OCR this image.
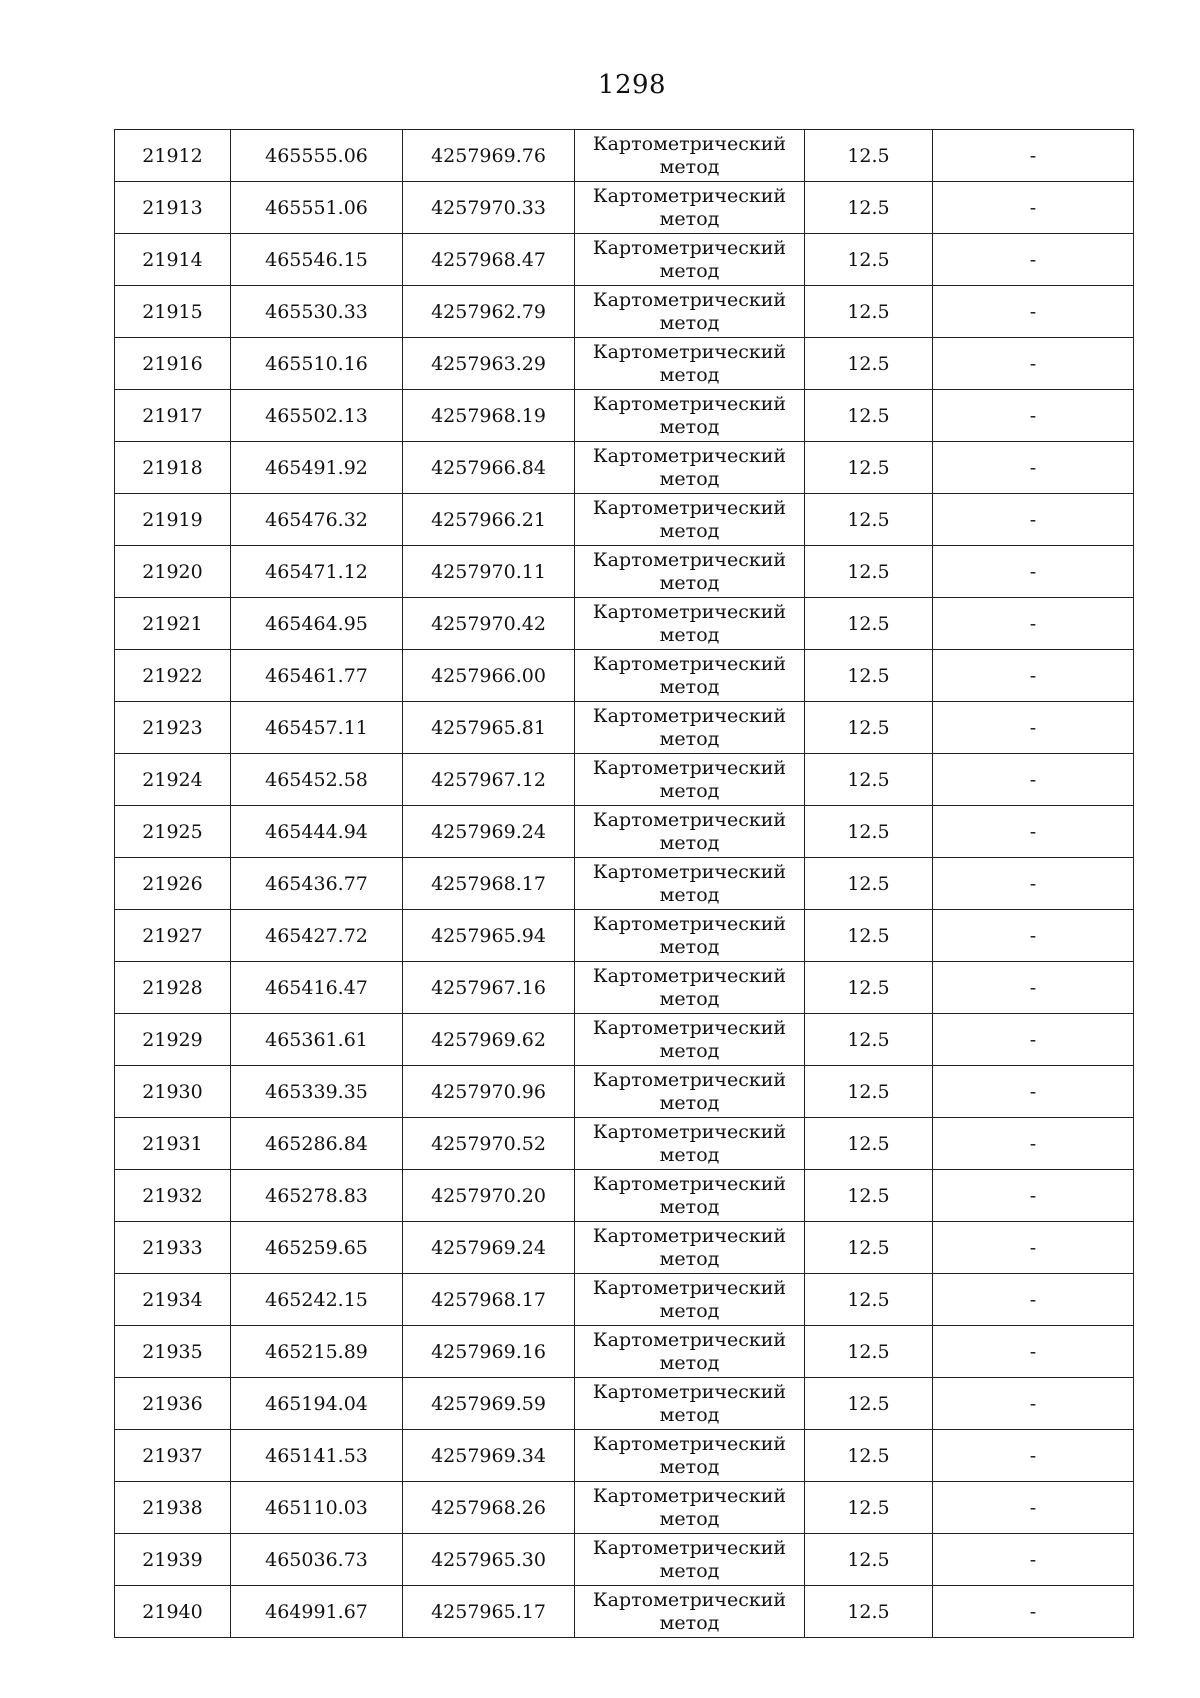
1298
21912	465555.06	4257969.76	Картометрический
метод	12.5	-
21913	465551.06	4257970.33	Картометрический
метод	12.5	-
21914	465546.15	4257968.47	Картометрический
метод	12.5	-
21915	465530.33	4257962.79	Картометрический
метод	12.5	-
21916	465510.16	4257963.29	Картометрический
метод	12.5	-
21917	465502.13	4257968.19	Картометрический
метод	12.5	-
21918	465491.92	4257966.84	Картометрический
метод	12.5	-
21919	465476.32	4257966.21	Картометрический
метод	12.5	-
21920	465471.12	4257970.11	Картометрический
метод	12.5	-
21921	465464.95	4257970.42	Картометрический
метод	12.5	-
21922	465461.77	4257966.00	Картометрический
метод	12.5	-
21923	465457.11	4257965.81	Картометрический
метод	12.5	-
21924	465452.58	4257967.12	Картометрический
метод	12.5	-
21925	465444.94	4257969.24	Картометрический
метод	12.5	-
21926	465436.77	4257968.17	Картометрический
метод	12.5	-
21927	465427.72	4257965.94	Картометрический
метод	12.5	-
21928	465416.47	4257967.16	Картометрический
метод	12.5	-
21929	465361.61	4257969.62	Картометрический
метод	12.5	-
21930	465339.35	4257970.96	Картометрический
метод	12.5	-
21931	465286.84	4257970.52	Картометрический
метод	12.5	-
21932	465278.83	4257970.20	Картометрический
метод	12.5	-
21933	465259.65	4257969.24	Картометрический
метод	12.5	-
21934	465242.15	4257968.17	Картометрический
метод	12.5	-
21935	465215.89	4257969.16	Картометрический
метод	12.5	-
21936	465194.04	4257969.59	Картометрический
метод	12.5	-
21937	465141.53	4257969.34	Картометрический
метод	12.5	-
21938	465110.03	4257968.26	Картометрический
метод	12.5	-
21939	465036.73	4257965.30	Картометрический
метод	12.5	-
21940	464991.67	4257965.17	Картометрический
метод	12.5	-
